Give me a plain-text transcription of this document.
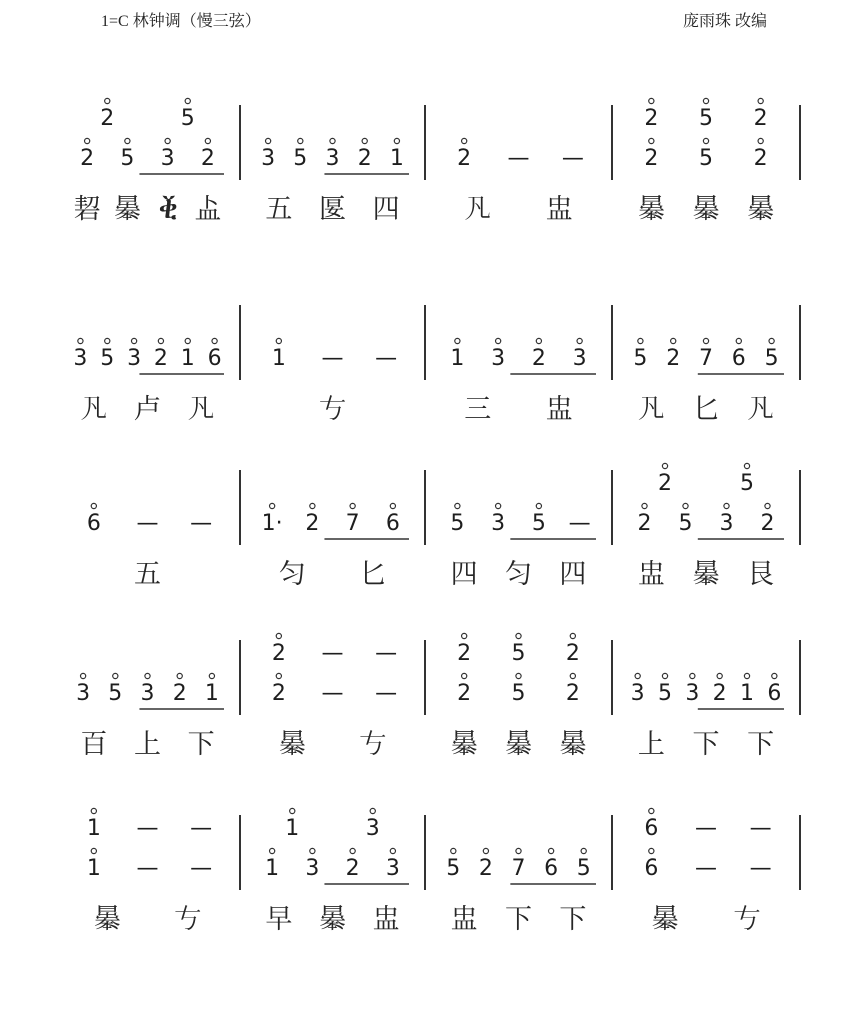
1=C 林钟调（慢三弦）	庞雨珠 改编
2	5
2 5 3 2
䂮 曓 ⷂ 盀
3 5 3 2 1
五 匽 四
2 — —
𠁽 盅
2 5 2
2 5 2
曓 曓 曓
3 5 3 2 1 6
𠁽 卢 𠁽
1 — —
𠀁
1 3 2 3
三 盅
5 2 7 6 5
𠁽 匕 𠁽
6 — —
五
1· 2 7 6
匀 匕
5 3 5 —
四 匀 四
2	5
2 5 3 2
盅 曓 艮
3 5 3 2 1
百 上 下
2 — —
2 — —
曓 𠀁
2 5 2
2 5 2
曓 曓 曓
3 5 3 2 1 6
上 下 下
1 — —
1 — —
曓 𠀁
1	3
1 3 2 3
早 曓 盅
5 2 7 6 5
盅 下 下
6 — —
6 — —
曓 𠀁
